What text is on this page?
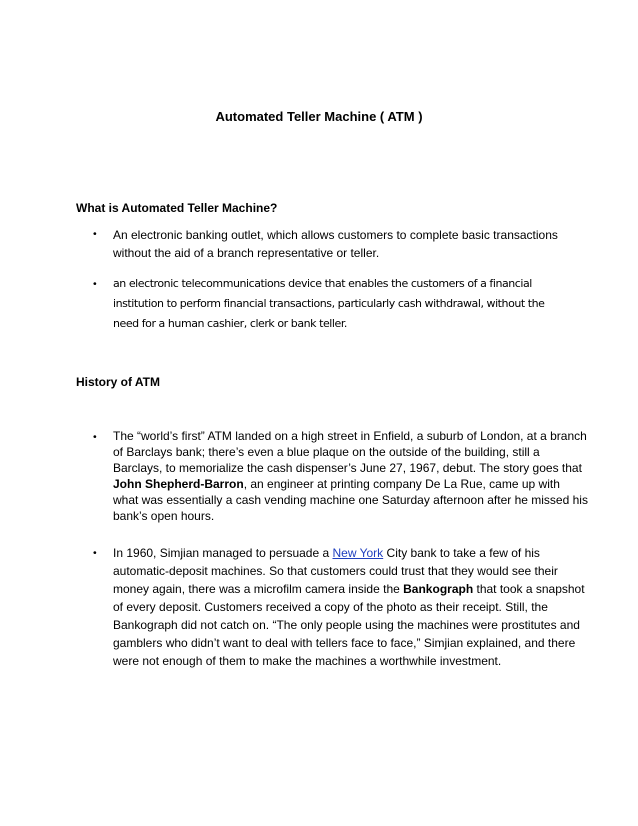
Automated Teller Machine ( ATM )
What is Automated Teller Machine?
• An electronic banking outlet, which allows customers to complete basic transactions without the aid of a branch representative or teller.
• an electronic telecommunications device that enables the customers of a financial institution to perform financial transactions, particularly cash withdrawal, without the need for a human cashier, clerk or bank teller.
History of ATM
• The “world’s first” ATM landed on a high street in Enfield, a suburb of London, at a branch of Barclays bank; there’s even a blue plaque on the outside of the building, still a Barclays, to memorialize the cash dispenser’s June 27, 1967, debut. The story goes that John Shepherd-Barron, an engineer at printing company De La Rue, came up with what was essentially a cash vending machine one Saturday afternoon after he missed his bank’s open hours.
• In 1960, Simjian managed to persuade a New York City bank to take a few of his automatic-deposit machines. So that customers could trust that they would see their money again, there was a microfilm camera inside the Bankograph that took a snapshot of every deposit. Customers received a copy of the photo as their receipt. Still, the Bankograph did not catch on. “The only people using the machines were prostitutes and gamblers who didn’t want to deal with tellers face to face,” Simjian explained, and there were not enough of them to make the machines a worthwhile investment.
